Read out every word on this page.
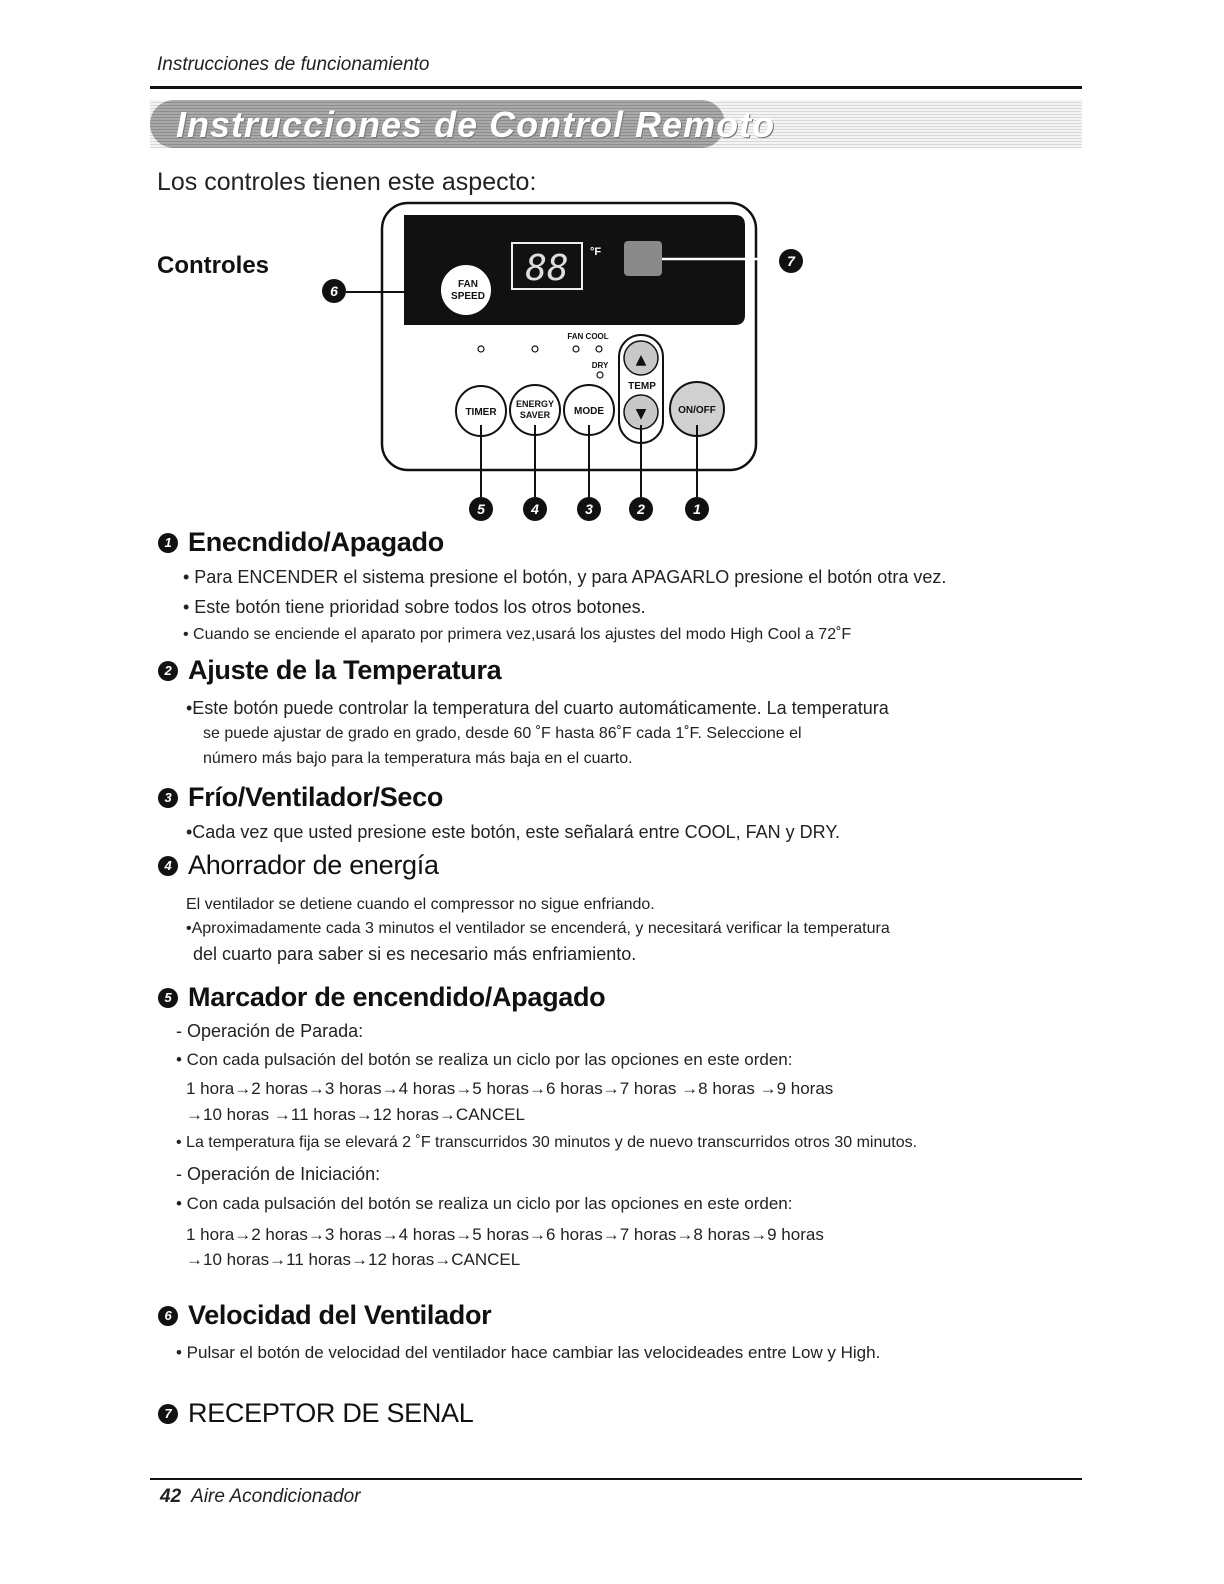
Instrucciones de funcionamiento
Instrucciones de Control Remoto
Los controles tienen este aspecto:
Controles	88 °F
7
FAN
SPEED
6
FAN COOL
DRY
TIMER
ENERGY
SAVER MODE
▲
▼
TEMP
ON/OFF
5	4	3	2	1
1 Enecndido/Apagado
• Para ENCENDER el sistema presione el botón, y para APAGARLO presione el botón otra vez.
• Este botón tiene prioridad sobre todos los otros botones.
• Cuando se enciende el aparato por primera vez,usará los ajustes del modo High Cool a 72˚F
2 Ajuste de la Temperatura
•Este botón puede controlar la temperatura del cuarto automáticamente. La temperatura
se puede ajustar de grado en grado, desde 60 ˚F hasta 86˚F cada 1˚F. Seleccione el
número más bajo para la temperatura más baja en el cuarto.
3 Frío/Ventilador/Seco
•Cada vez que usted presione este botón, este señalará entre COOL, FAN y DRY.
4 Ahorrador de energía
El ventilador se detiene cuando el compressor no sigue enfriando.
•Aproximadamente cada 3 minutos el ventilador se encenderá, y necesitará verificar la temperatura
del cuarto para saber si es necesario más enfriamiento.
5 Marcador de encendido/Apagado
- Operación de Parada:
• Con cada pulsación del botón se realiza un ciclo por las opciones en este orden:
1 hora→2 horas→3 horas→4 horas→5 horas→6 horas→7 horas →8 horas →9 horas
→10 horas →11 horas→12 horas→CANCEL
• La temperatura fija se elevará 2 ˚F transcurridos 30 minutos y de nuevo transcurridos otros 30 minutos.
- Operación de Iniciación:
• Con cada pulsación del botón se realiza un ciclo por las opciones en este orden:
1 hora→2 horas→3 horas→4 horas→5 horas→6 horas→7 horas→8 horas→9 horas
→10 horas→11 horas→12 horas→CANCEL
6 Velocidad del Ventilador
• Pulsar el botón de velocidad del ventilador hace cambiar las velocideades entre Low y High.
7 RECEPTOR DE SENAL
42 Aire Acondicionador
